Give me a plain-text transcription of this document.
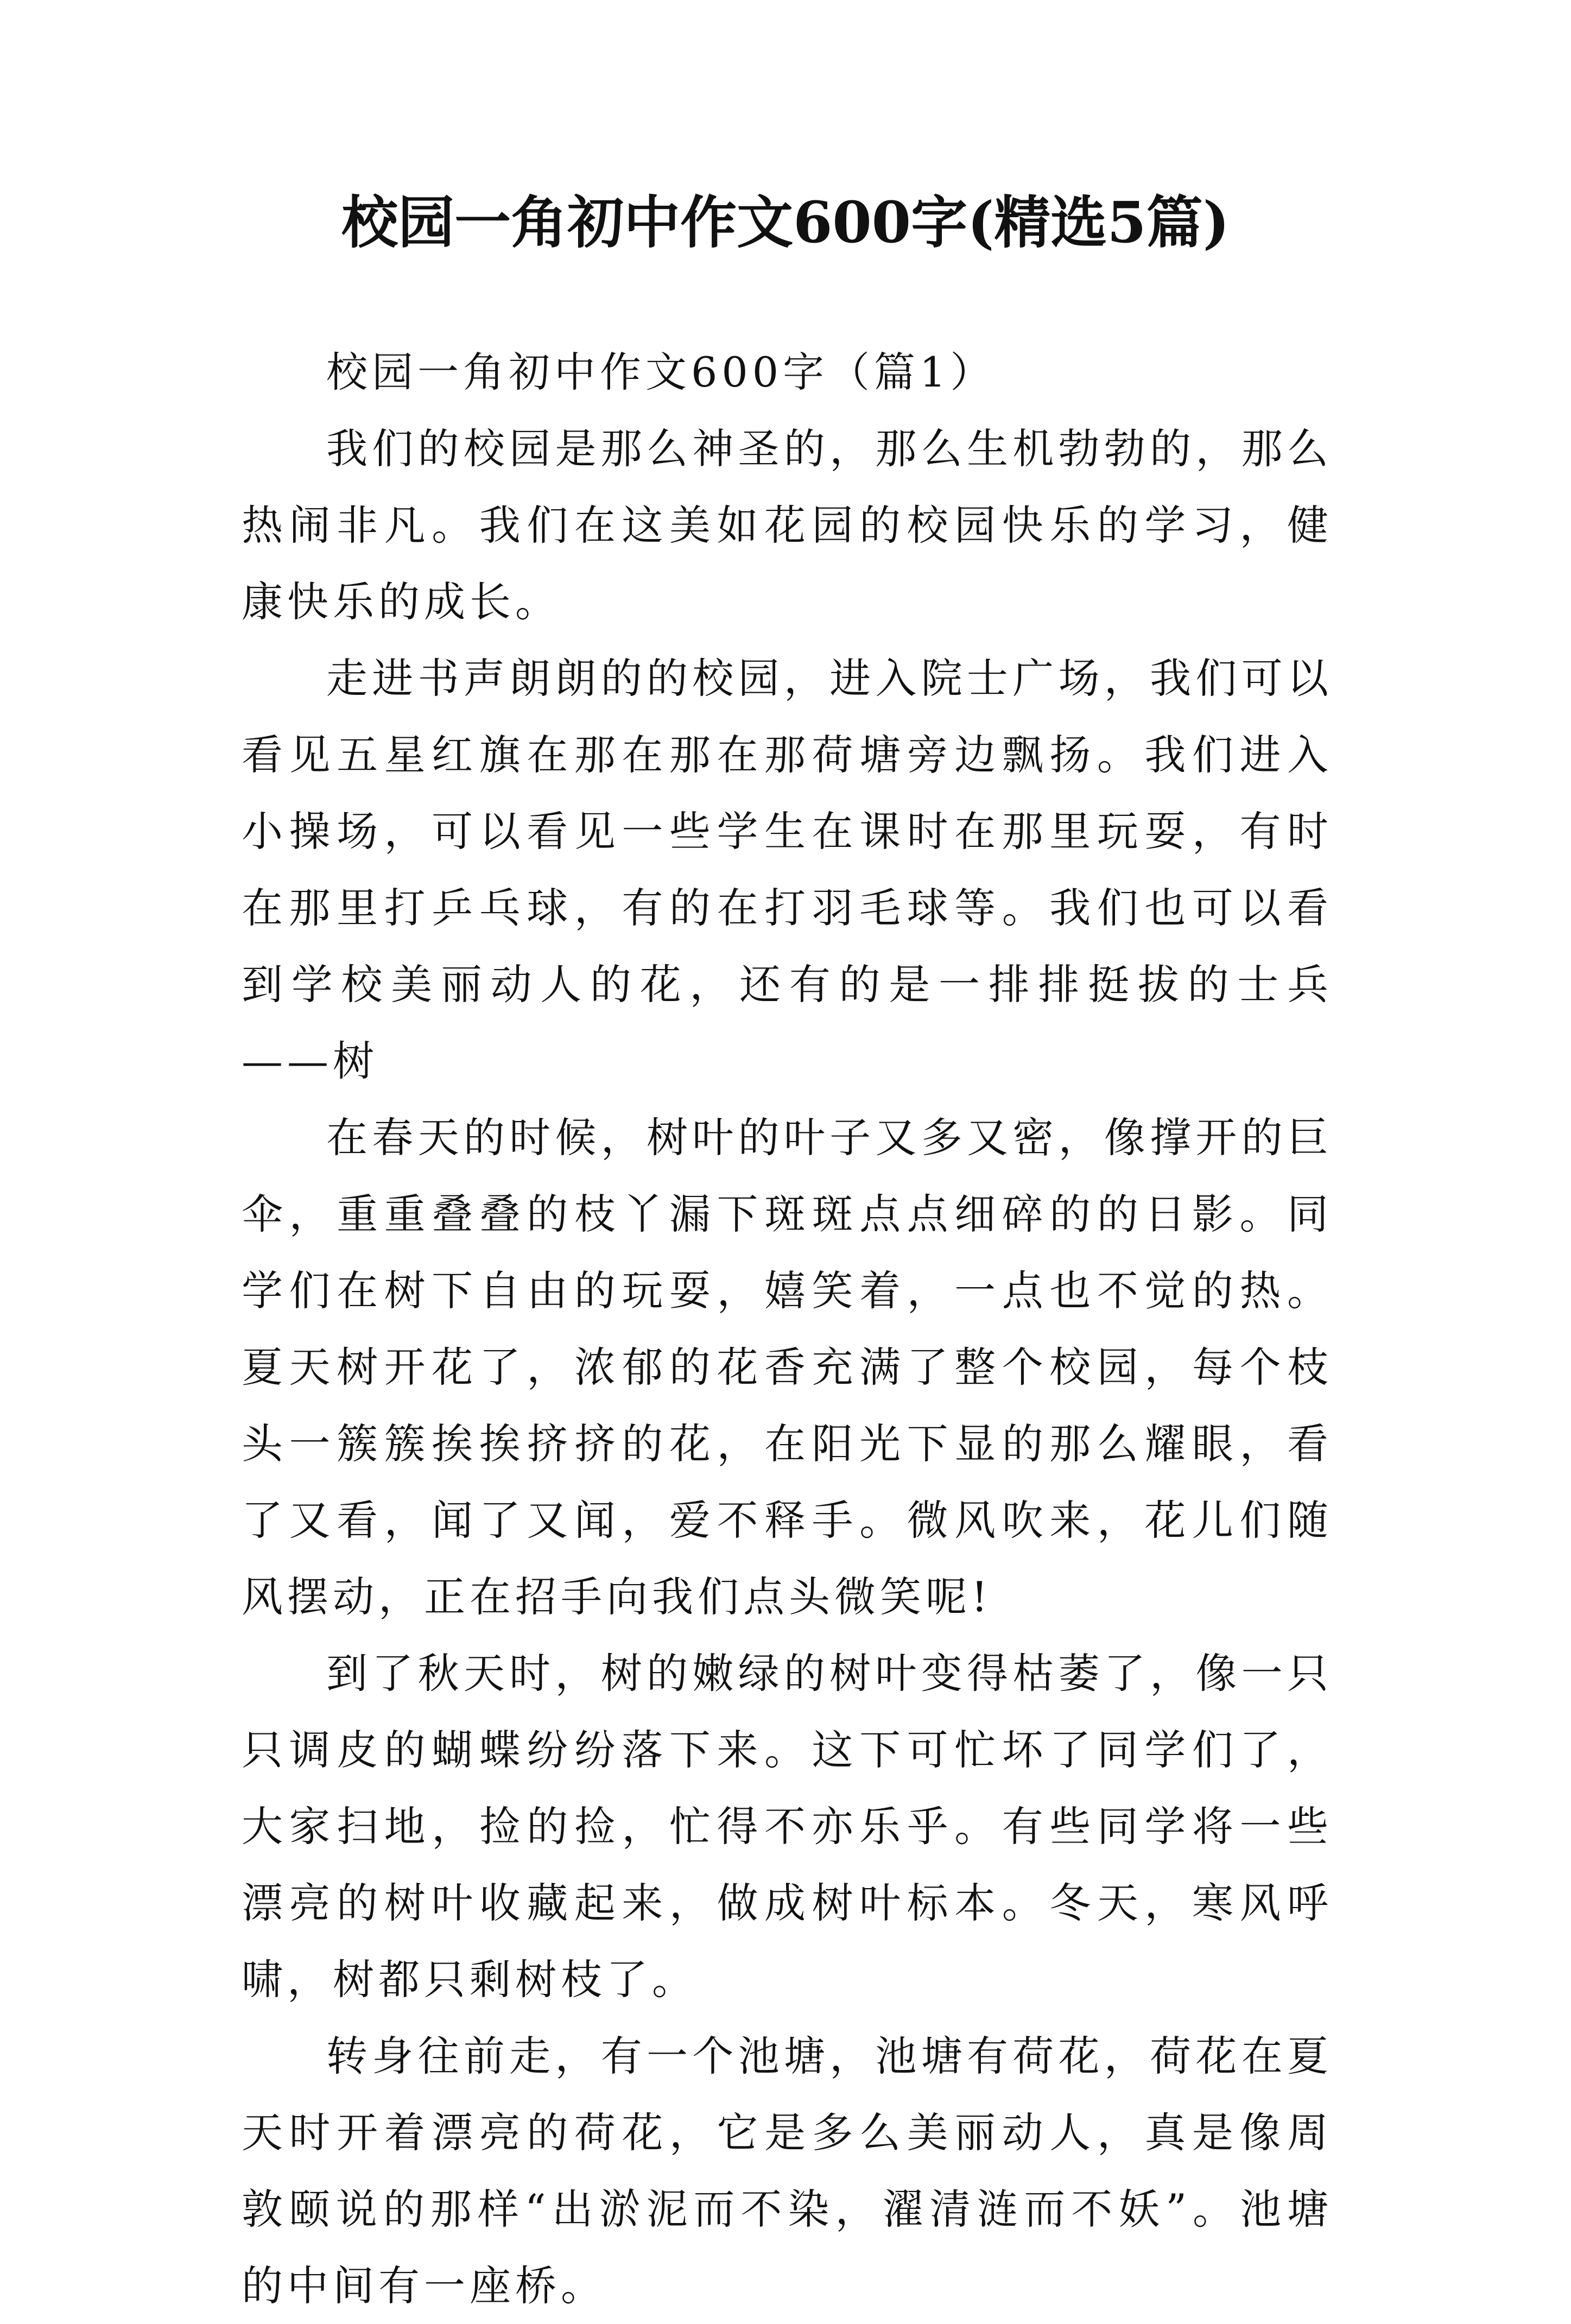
校园一角初中作文600字(精选5篇)
校园一角初中作文600字（篇1）

我们的校园是那么神圣的，那么生机勃勃的，那么热闹非凡。我们在这美如花园的校园快乐的学习，健康快乐的成长。

走进书声朗朗的的校园，进入院士广场，我们可以看见五星红旗在那在那在那荷塘旁边飘扬。我们进入小操场，可以看见一些学生在课时在那里玩耍，有时在那里打乒乓球，有的在打羽毛球等。我们也可以看到学校美丽动人的花，还有的是一排排挺拔的士兵——树

在春天的时候，树叶的叶子又多又密，像撑开的巨伞，重重叠叠的枝丫漏下斑斑点点细碎的的日影。同学们在树下自由的玩耍，嬉笑着，一点也不觉的热。夏天树开花了，浓郁的花香充满了整个校园，每个枝头一簇簇挨挨挤挤的花，在阳光下显的那么耀眼，看了又看，闻了又闻，爱不释手。微风吹来，花儿们随风摆动，正在招手向我们点头微笑呢!

到了秋天时，树的嫩绿的树叶变得枯萎了，像一只只调皮的蝴蝶纷纷落下来。这下可忙坏了同学们了，大家扫地，捡的捡，忙得不亦乐乎。有些同学将一些漂亮的树叶收藏起来，做成树叶标本。冬天，寒风呼啸，树都只剩树枝了。

转身往前走，有一个池塘，池塘有荷花，荷花在夏天时开着漂亮的荷花，它是多么美丽动人，真是像周敦颐说的那样“出淤泥而不染，濯清涟而不妖”。池塘的中间有一座桥。
